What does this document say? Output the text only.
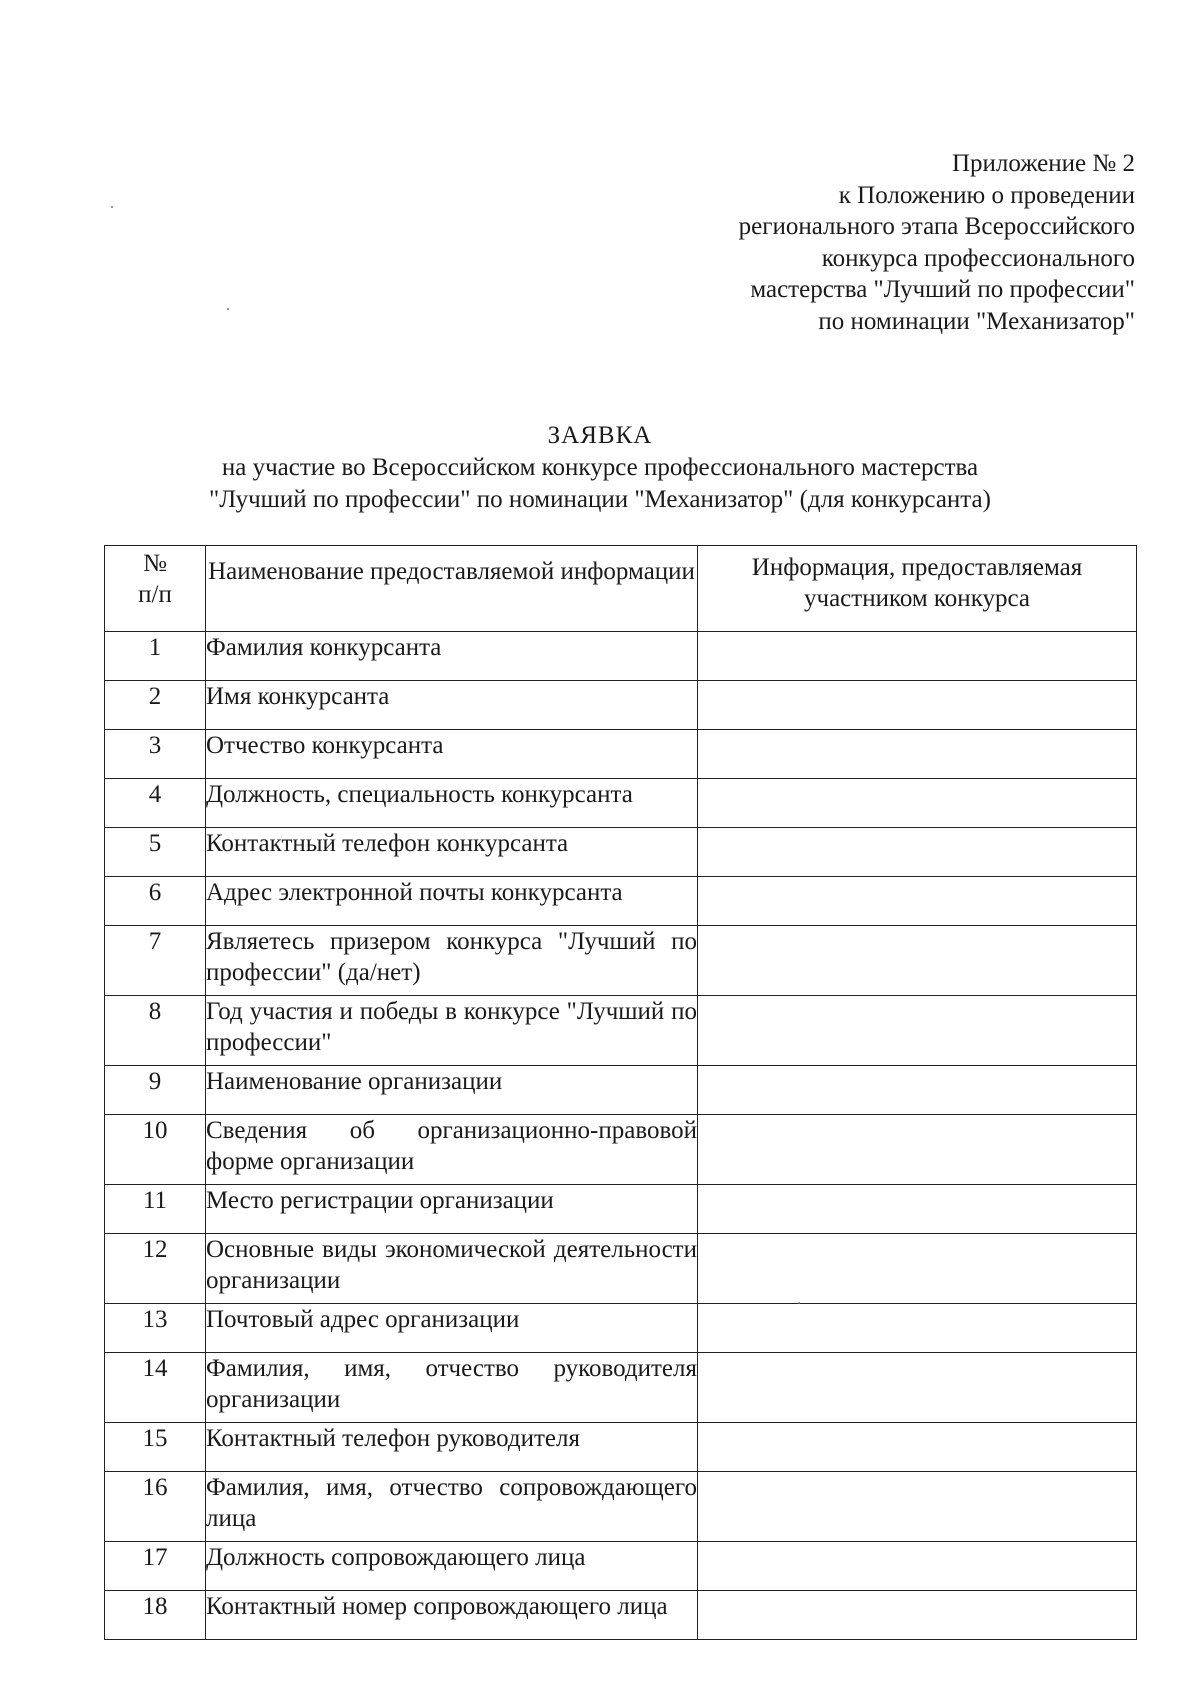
Приложение № 2
к Положению о проведении
регионального этапа Всероссийского
конкурса профессионального
мастерства "Лучший по профессии"
по номинации "Механизатор"
ЗАЯВКА
на участие во Всероссийском конкурсе профессионального мастерства
"Лучший по профессии" по номинации "Механизатор" (для конкурсанта)
№
п/п	Наименование предоставляемой информации	Информация, предоставляемая участником конкурса
1	Фамилия конкурсанта	
2	Имя конкурсанта	
3	Отчество конкурсанта	
4	Должность, специальность конкурсанта	
5	Контактный телефон конкурсанта	
6	Адрес электронной почты конкурсанта	
7	Являетесь призером конкурса "Лучший по профессии" (да/нет)	
8	Год участия и победы в конкурсе "Лучший по профессии"	
9	Наименование организации	
10	Сведения об организационно-правовой форме организации	
11	Место регистрации организации	
12	Основные виды экономической деятельности организации	
13	Почтовый адрес организации	
14	Фамилия, имя, отчество руководителя организации	
15	Контактный телефон руководителя	
16	Фамилия, имя, отчество сопровождающего лица	
17	Должность сопровождающего лица	
18	Контактный номер сопровождающего лица	
